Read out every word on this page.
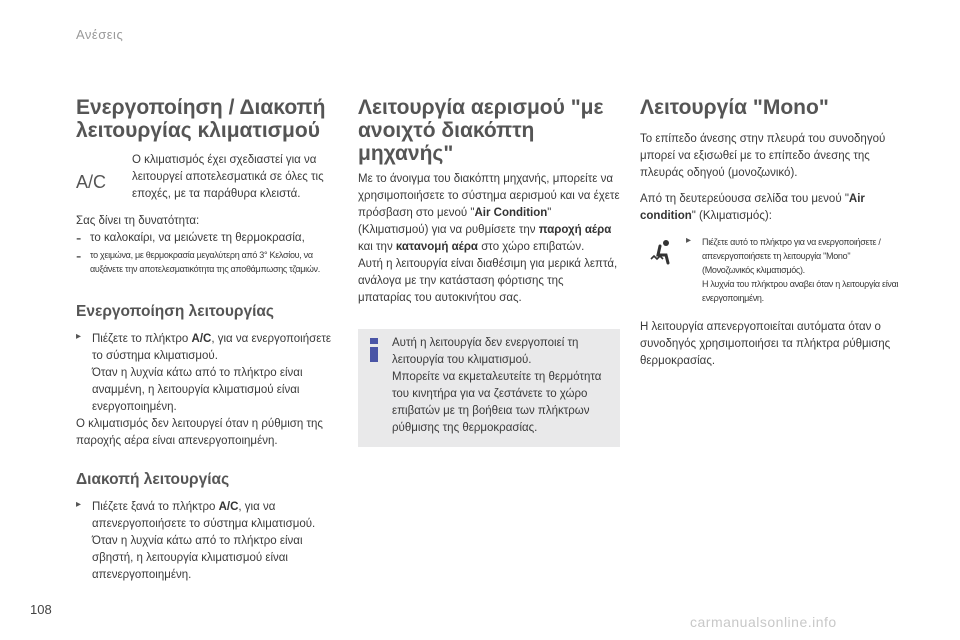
Ανέσεις
Ενεργοποίηση / Διακοπή λειτουργίας κλιματισμού
A/C

Ο κλιματισμός έχει σχεδιαστεί για να λειτουργεί αποτελεσματικά σε όλες τις εποχές, με τα παράθυρα κλειστά.

Σας δίνει τη δυνατότητα:

- το καλοκαίρι, να μειώνετε τη θερμοκρασία,
- το χειμώνα, με θερμοκρασία μεγαλύτερη από 3° Κελσίου, να αυξάνετε την αποτελεσματικότητα της αποθάμπωσης τζαμιών.
Ενεργοποίηση λειτουργίας
▸ Πιέζετε το πλήκτρο A/C, για να ενεργοποιήσετε το σύστημα κλιματισμού.
Όταν η λυχνία κάτω από το πλήκτρο είναι αναμμένη, η λειτουργία κλιματισμού είναι ενεργοποιημένη.

Ο κλιματισμός δεν λειτουργεί όταν η ρύθμιση της παροχής αέρα είναι απενεργοποιημένη.

Διακοπή λειτουργίας
▸ Πιέζετε ξανά το πλήκτρο A/C, για να απενεργοποιήσετε το σύστημα κλιματισμού.
Όταν η λυχνία κάτω από το πλήκτρο είναι σβηστή, η λειτουργία κλιματισμού είναι απενεργοποιημένη.
Λειτουργία αερισμού "με ανοιχτό διακόπτη μηχανής"

Με το άνοιγμα του διακόπτη μηχανής, μπορείτε να χρησιμοποιήσετε το σύστημα αερισμού και να έχετε πρόσβαση στο μενού "Air Condition" (Κλιματισμού) για να ρυθμίσετε την παροχή αέρα και την κατανομή αέρα στο χώρο επιβατών.

Αυτή η λειτουργία είναι διαθέσιμη για μερικά λεπτά, ανάλογα με την κατάσταση φόρτισης της μπαταρίας του αυτοκινήτου σας.

Αυτή η λειτουργία δεν ενεργοποιεί τη λειτουργία του κλιματισμού.

Μπορείτε να εκμεταλευτείτε τη θερμότητα του κινητήρα για να ζεστάνετε το χώρο επιβατών με τη βοήθεια των πλήκτρων ρύθμισης της θερμοκρασίας.

Λειτουργία "Mono"

Το επίπεδο άνεσης στην πλευρά του συνοδηγού μπορεί να εξισωθεί με το επίπεδο άνεσης της πλευράς οδηγού (μονοζωνικό).

Από τη δευτερεύουσα σελίδα του μενού "Air condition" (Κλιματισμός):

▸	Πιέζετε αυτό το πλήκτρο για να ενεργοποιήσετε / απενεργοποιήσετε τη λειτουργία "Mono" (Μονοζωνικός κλιματισμός).
Η λυχνία του πλήκτρου αναβει όταν η λειτουργία είναι ενεργοποιημένη.

Η λειτουργία απενεργοποιείται αυτόματα όταν ο συνοδηγός χρησιμοποιήσει τα πλήκτρα ρύθμισης θερμοκρασίας.

108
carmanualsonline.info
